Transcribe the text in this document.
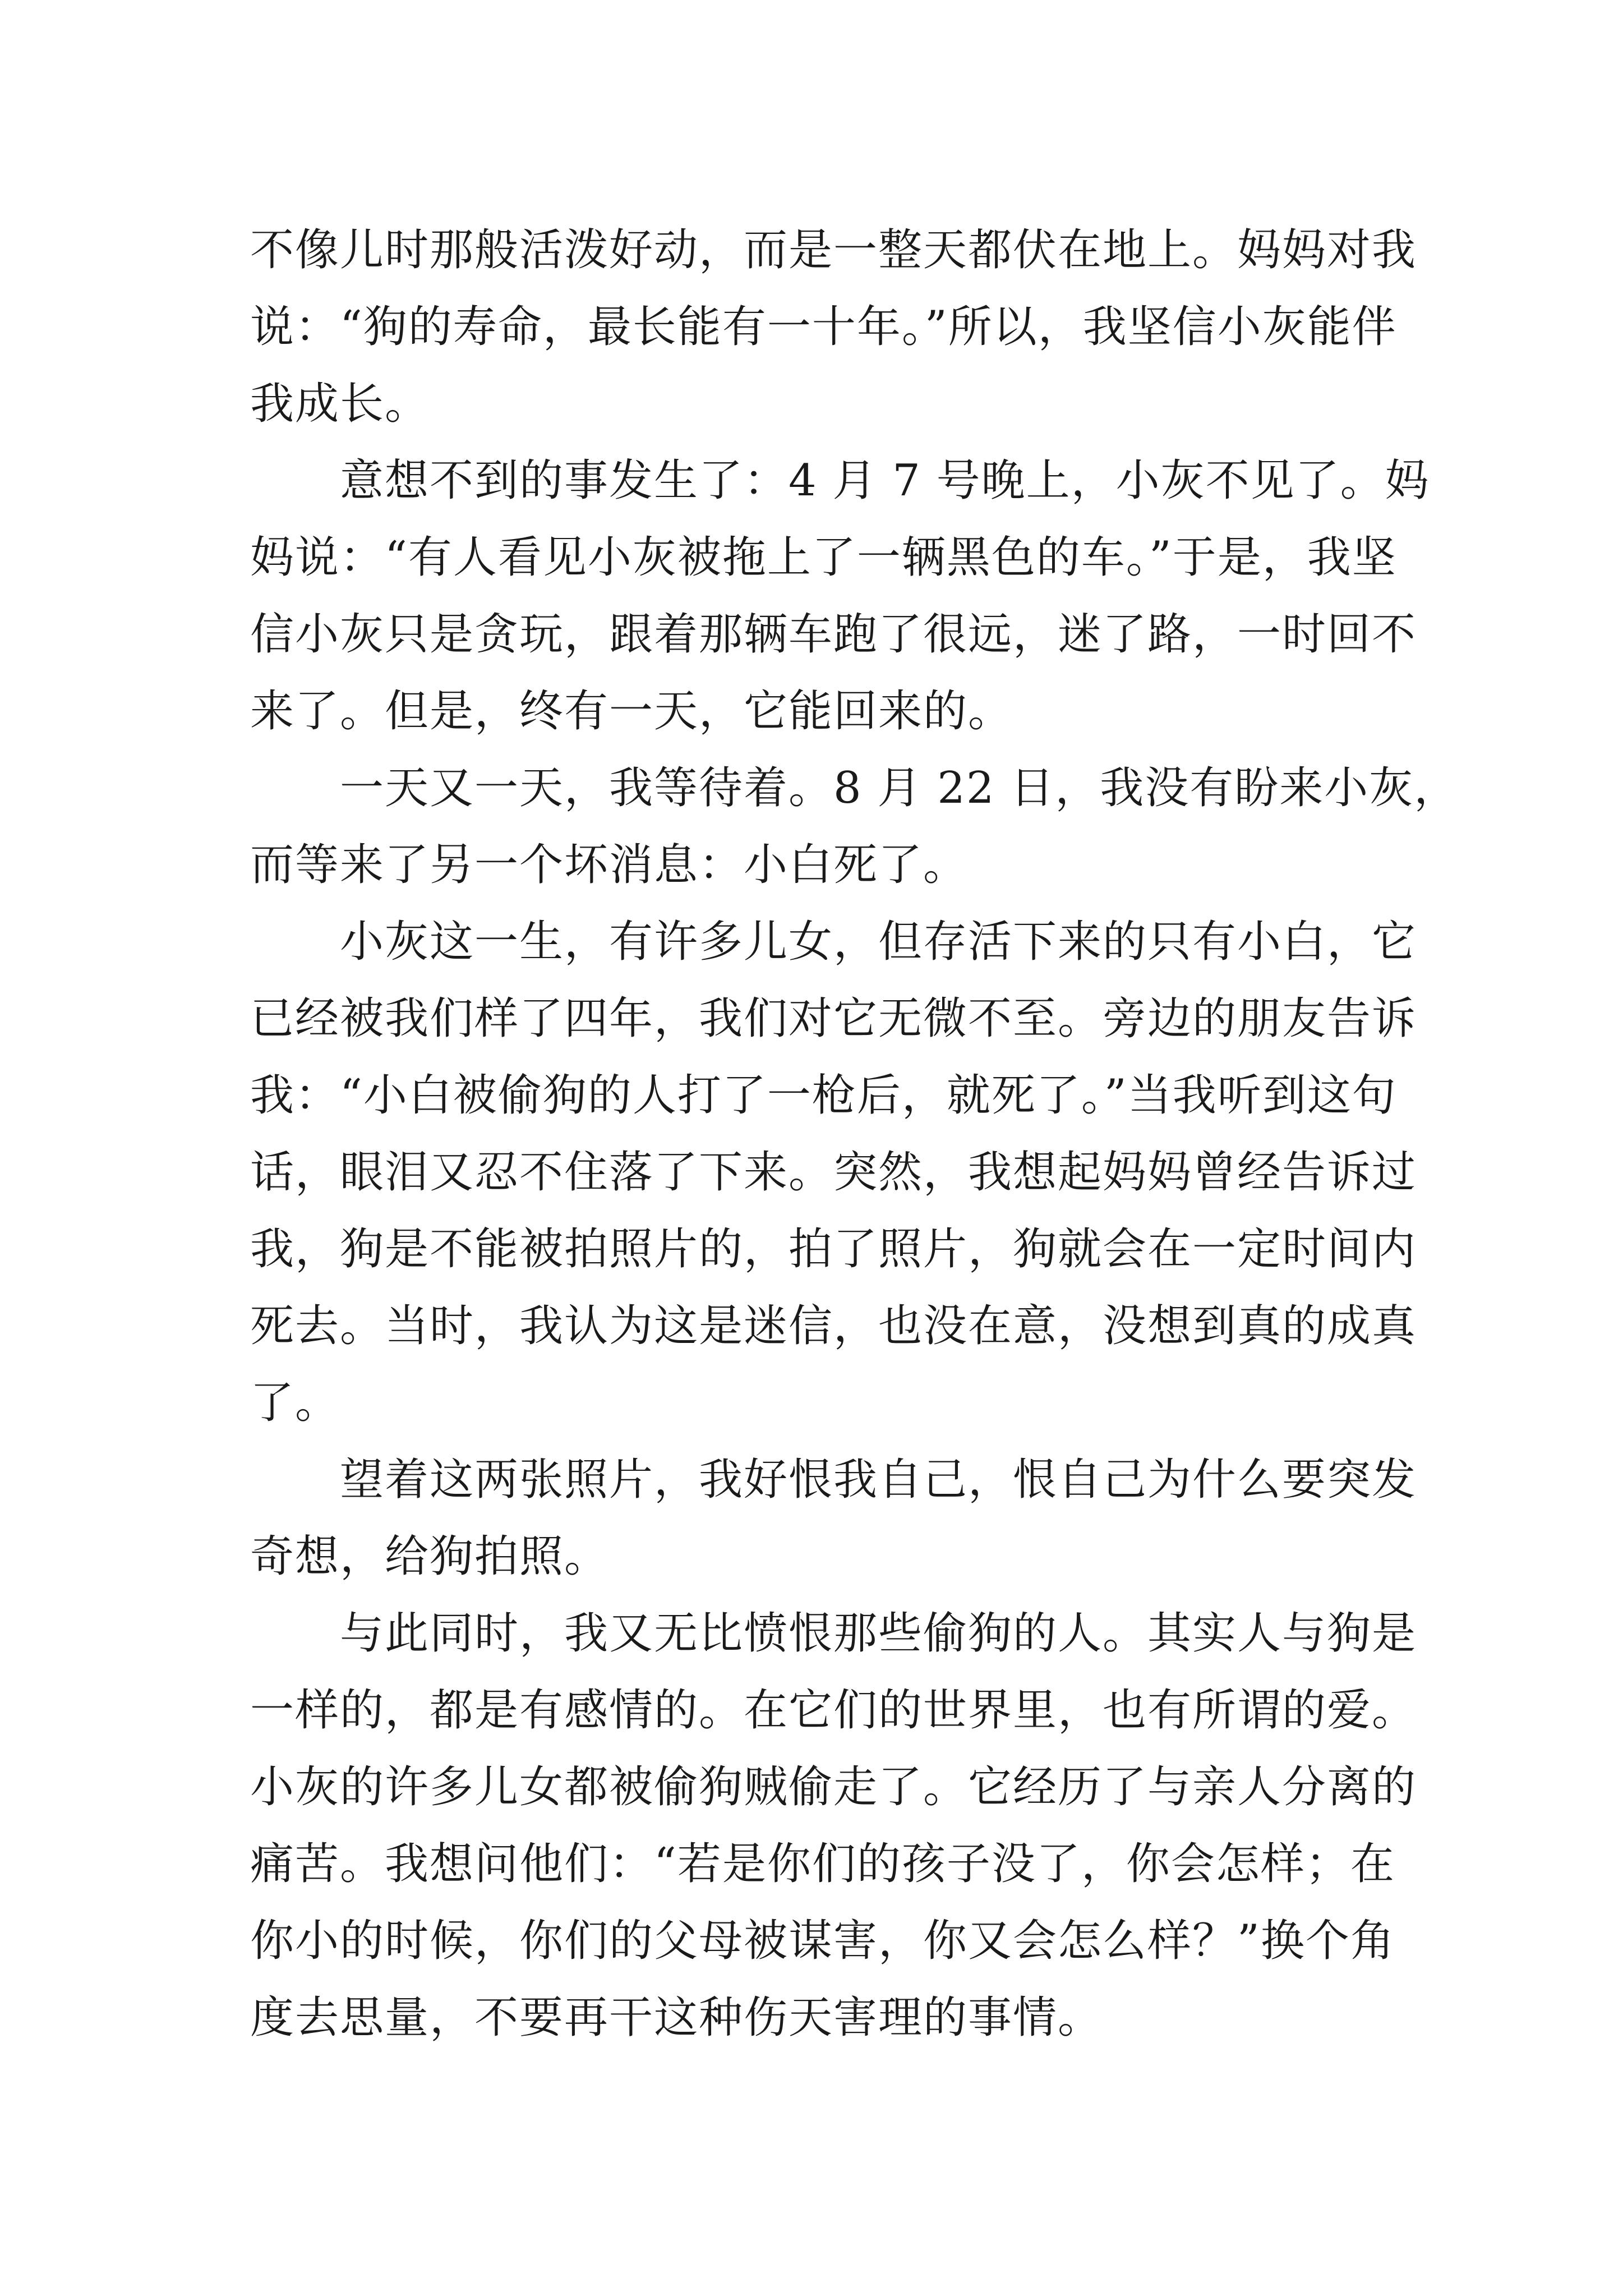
不像儿时那般活泼好动，而是一整天都伏在地上。妈妈对我
说：“狗的寿命，最长能有一十年。”所以，我坚信小灰能伴
我成长。
意想不到的事发生了：4 月 7 号晚上，小灰不见了。妈
妈说：“有人看见小灰被拖上了一辆黑色的车。”于是，我坚
信小灰只是贪玩，跟着那辆车跑了很远，迷了路，一时回不
来了。但是，终有一天，它能回来的。
一天又一天，我等待着。8 月 22 日，我没有盼来小灰，
而等来了另一个坏消息：小白死了。
小灰这一生，有许多儿女，但存活下来的只有小白，它
已经被我们样了四年，我们对它无微不至。旁边的朋友告诉
我：“小白被偷狗的人打了一枪后，就死了。”当我听到这句
话，眼泪又忍不住落了下来。突然，我想起妈妈曾经告诉过
我，狗是不能被拍照片的，拍了照片，狗就会在一定时间内
死去。当时，我认为这是迷信，也没在意，没想到真的成真
了。
望着这两张照片，我好恨我自己，恨自己为什么要突发
奇想，给狗拍照。
与此同时，我又无比愤恨那些偷狗的人。其实人与狗是
一样的，都是有感情的。在它们的世界里，也有所谓的爱。
小灰的许多儿女都被偷狗贼偷走了。它经历了与亲人分离的
痛苦。我想问他们：“若是你们的孩子没了，你会怎样；在
你小的时候，你们的父母被谋害，你又会怎么样？”换个角
度去思量，不要再干这种伤天害理的事情。
